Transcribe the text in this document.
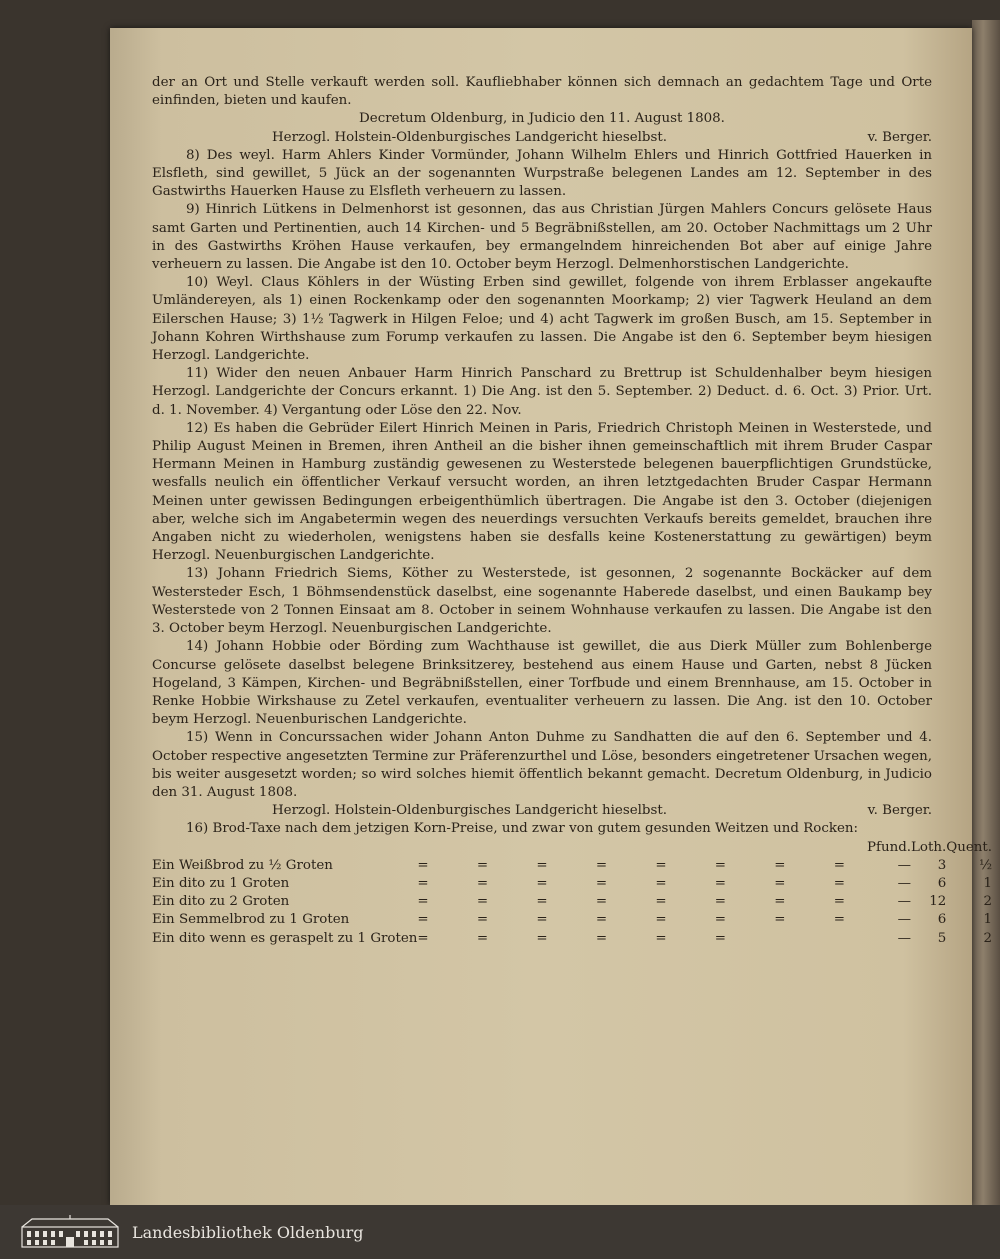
der an Ort und Stelle verkauft werden soll. Kaufliebhaber können sich demnach an gedachtem Tage und Orte einfinden, bieten und kaufen.

Decretum Oldenburg, in Judicio den 11. August 1808.

Herzogl. Holstein-Oldenburgisches Landgericht hieselbst.	v. Berger.

8) Des weyl. Harm Ahlers Kinder Vormünder, Johann Wilhelm Ehlers und Hinrich Gottfried Hauerken in Elsfleth, sind gewillet, 5 Jück an der sogenannten Wurpstraße belegenen Landes am 12. September in des Gastwirths Hauerken Hause zu Elsfleth verheuern zu lassen.

9) Hinrich Lütkens in Delmenhorst ist gesonnen, das aus Christian Jürgen Mahlers Concurs gelösete Haus samt Garten und Pertinentien, auch 14 Kirchen- und 5 Begräbnißstellen, am 20. October Nachmittags um 2 Uhr in des Gastwirths Kröhen Hause verkaufen, bey ermangelndem hinreichenden Bot aber auf einige Jahre verheuern zu lassen. Die Angabe ist den 10. October beym Herzogl. Delmenhorstischen Landgerichte.

10) Weyl. Claus Köhlers in der Wüsting Erben sind gewillet, folgende von ihrem Erblasser angekaufte Umländereyen, als 1) einen Rockenkamp oder den sogenannten Moorkamp; 2) vier Tagwerk Heuland an dem Eilerschen Hause; 3) 1½ Tagwerk in Hilgen Feloe; und 4) acht Tagwerk im großen Busch, am 15. September in Johann Kohren Wirthshause zum Forump verkaufen zu lassen. Die Angabe ist den 6. September beym hiesigen Herzogl. Landgerichte.

11) Wider den neuen Anbauer Harm Hinrich Panschard zu Brettrup ist Schuldenhalber beym hiesigen Herzogl. Landgerichte der Concurs erkannt. 1) Die Ang. ist den 5. September. 2) Deduct. d. 6. Oct. 3) Prior. Urt. d. 1. November. 4) Vergantung oder Löse den 22. Nov.

12) Es haben die Gebrüder Eilert Hinrich Meinen in Paris, Friedrich Christoph Meinen in Westerstede, und Philip August Meinen in Bremen, ihren Antheil an die bisher ihnen gemeinschaftlich mit ihrem Bruder Caspar Hermann Meinen in Hamburg zuständig gewesenen zu Westerstede belegenen bauerpflichtigen Grundstücke, wesfalls neulich ein öffentlicher Verkauf versucht worden, an ihren letztgedachten Bruder Caspar Hermann Meinen unter gewissen Bedingungen erbeigenthümlich übertragen. Die Angabe ist den 3. October (diejenigen aber, welche sich im Angabetermin wegen des neuerdings versuchten Verkaufs bereits gemeldet, brauchen ihre Angaben nicht zu wiederholen, wenigstens haben sie desfalls keine Kostenerstattung zu gewärtigen) beym Herzogl. Neuenburgischen Landgerichte.

13) Johann Friedrich Siems, Köther zu Westerstede, ist gesonnen, 2 sogenannte Bockäcker auf dem Westersteder Esch, 1 Böhmsendenstück daselbst, eine sogenannte Haberede daselbst, und einen Baukamp bey Westerstede von 2 Tonnen Einsaat am 8. October in seinem Wohnhause verkaufen zu lassen. Die Angabe ist den 3. October beym Herzogl. Neuenburgischen Landgerichte.

14) Johann Hobbie oder Börding zum Wachthause ist gewillet, die aus Dierk Müller zum Bohlenberge Concurse gelösete daselbst belegene Brinksitzerey, bestehend aus einem Hause und Garten, nebst 8 Jücken Hogeland, 3 Kämpen, Kirchen- und Begräbnißstellen, einer Torfbude und einem Brennhause, am 15. October in Renke Hobbie Wirkshause zu Zetel verkaufen, eventualiter verheuern zu lassen. Die Ang. ist den 10. October beym Herzogl. Neuenburischen Landgerichte.

15) Wenn in Concurssachen wider Johann Anton Duhme zu Sandhatten die auf den 6. September und 4. October respective angesetzten Termine zur Präferenzurthel und Löse, besonders eingetretener Ursachen wegen, bis weiter ausgesetzt worden; so wird solches hiemit öffentlich bekannt gemacht. Decretum Oldenburg, in Judicio den 31. August 1808.

Herzogl. Holstein-Oldenburgisches Landgericht hieselbst.	v. Berger.

16) Brod-Taxe nach dem jetzigen Korn-Preise, und zwar von gutem gesunden Weitzen und Rocken:

		Pfund.	Loth.	Quent.
Ein Weißbrod zu ½ Groten	= = = = = = = =	—	3	½
Ein dito zu 1 Groten	= = = = = = = =	—	6	1
Ein dito zu 2 Groten	= = = = = = = =	—	12	2
Ein Semmelbrod zu 1 Groten	= = = = = = = =	—	6	1
Ein dito wenn es geraspelt zu 1 Groten	= = = = = =	—	5	2
Landesbibliothek Oldenburg
